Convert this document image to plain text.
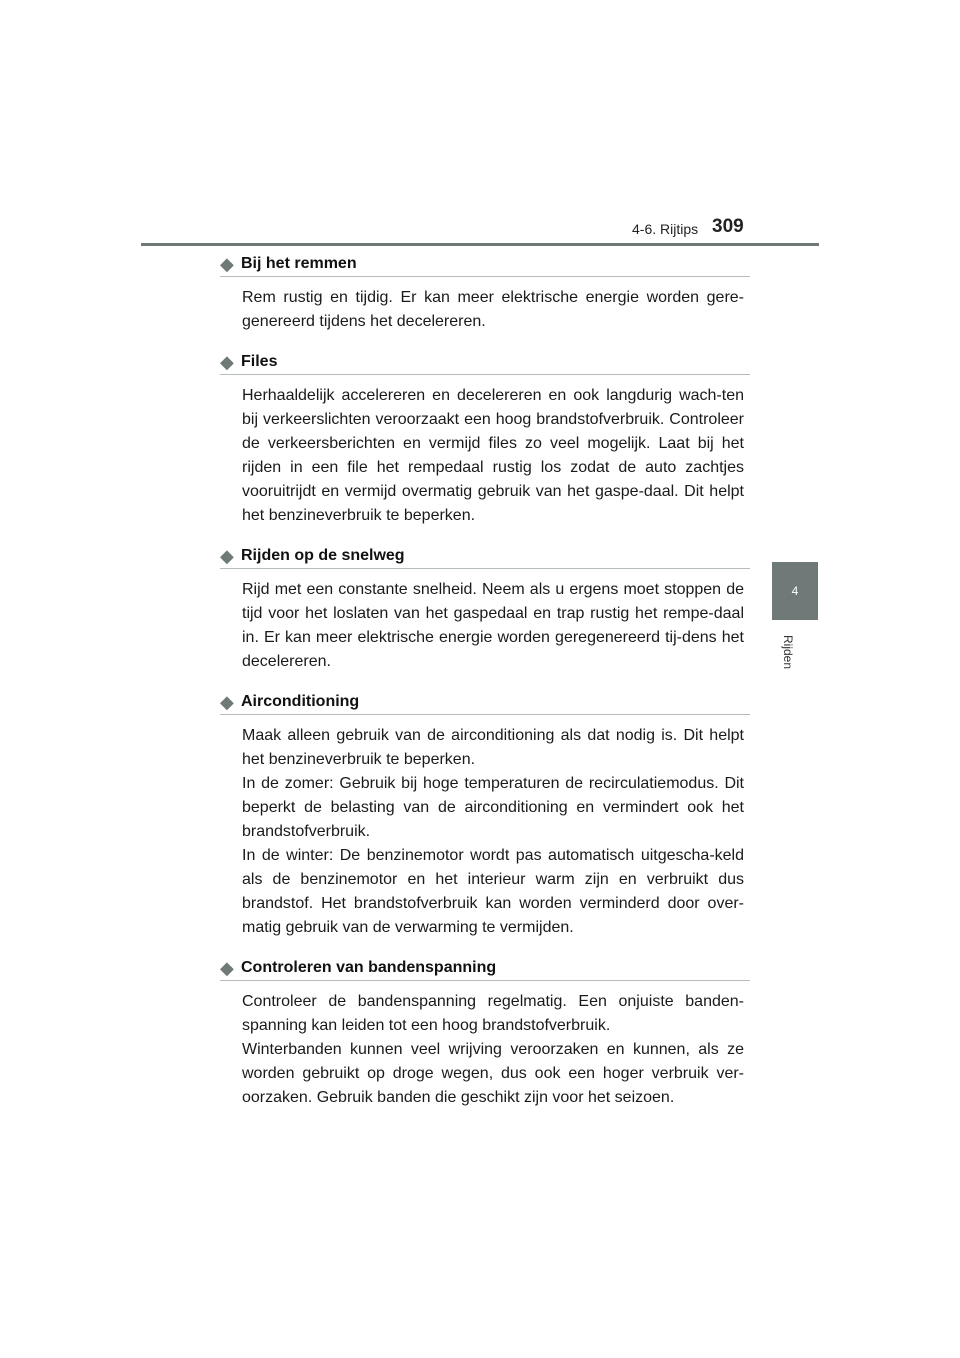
4-6. Rijtips 309
4
Rijden
◆ Bij het remmen

Rem rustig en tijdig. Er kan meer elektrische energie worden gere-genereerd tijdens het decelereren.

◆ Files

Herhaaldelijk accelereren en decelereren en ook langdurig wach-ten bij verkeerslichten veroorzaakt een hoog brandstofverbruik. Controleer de verkeersberichten en vermijd files zo veel mogelijk. Laat bij het rijden in een file het rempedaal rustig los zodat de auto zachtjes vooruitrijdt en vermijd overmatig gebruik van het gaspe-daal. Dit helpt het benzineverbruik te beperken.

◆ Rijden op de snelweg

Rijd met een constante snelheid. Neem als u ergens moet stoppen de tijd voor het loslaten van het gaspedaal en trap rustig het rempe-daal in. Er kan meer elektrische energie worden geregenereerd tij-dens het decelereren.

◆ Airconditioning

Maak alleen gebruik van de airconditioning als dat nodig is. Dit helpt het benzineverbruik te beperken.

In de zomer: Gebruik bij hoge temperaturen de recirculatiemodus. Dit beperkt de belasting van de airconditioning en vermindert ook het brandstofverbruik.

In de winter: De benzinemotor wordt pas automatisch uitgescha-keld als de benzinemotor en het interieur warm zijn en verbruikt dus brandstof. Het brandstofverbruik kan worden verminderd door over-matig gebruik van de verwarming te vermijden.

◆ Controleren van bandenspanning

Controleer de bandenspanning regelmatig. Een onjuiste banden-spanning kan leiden tot een hoog brandstofverbruik.

Winterbanden kunnen veel wrijving veroorzaken en kunnen, als ze worden gebruikt op droge wegen, dus ook een hoger verbruik ver-oorzaken. Gebruik banden die geschikt zijn voor het seizoen.
